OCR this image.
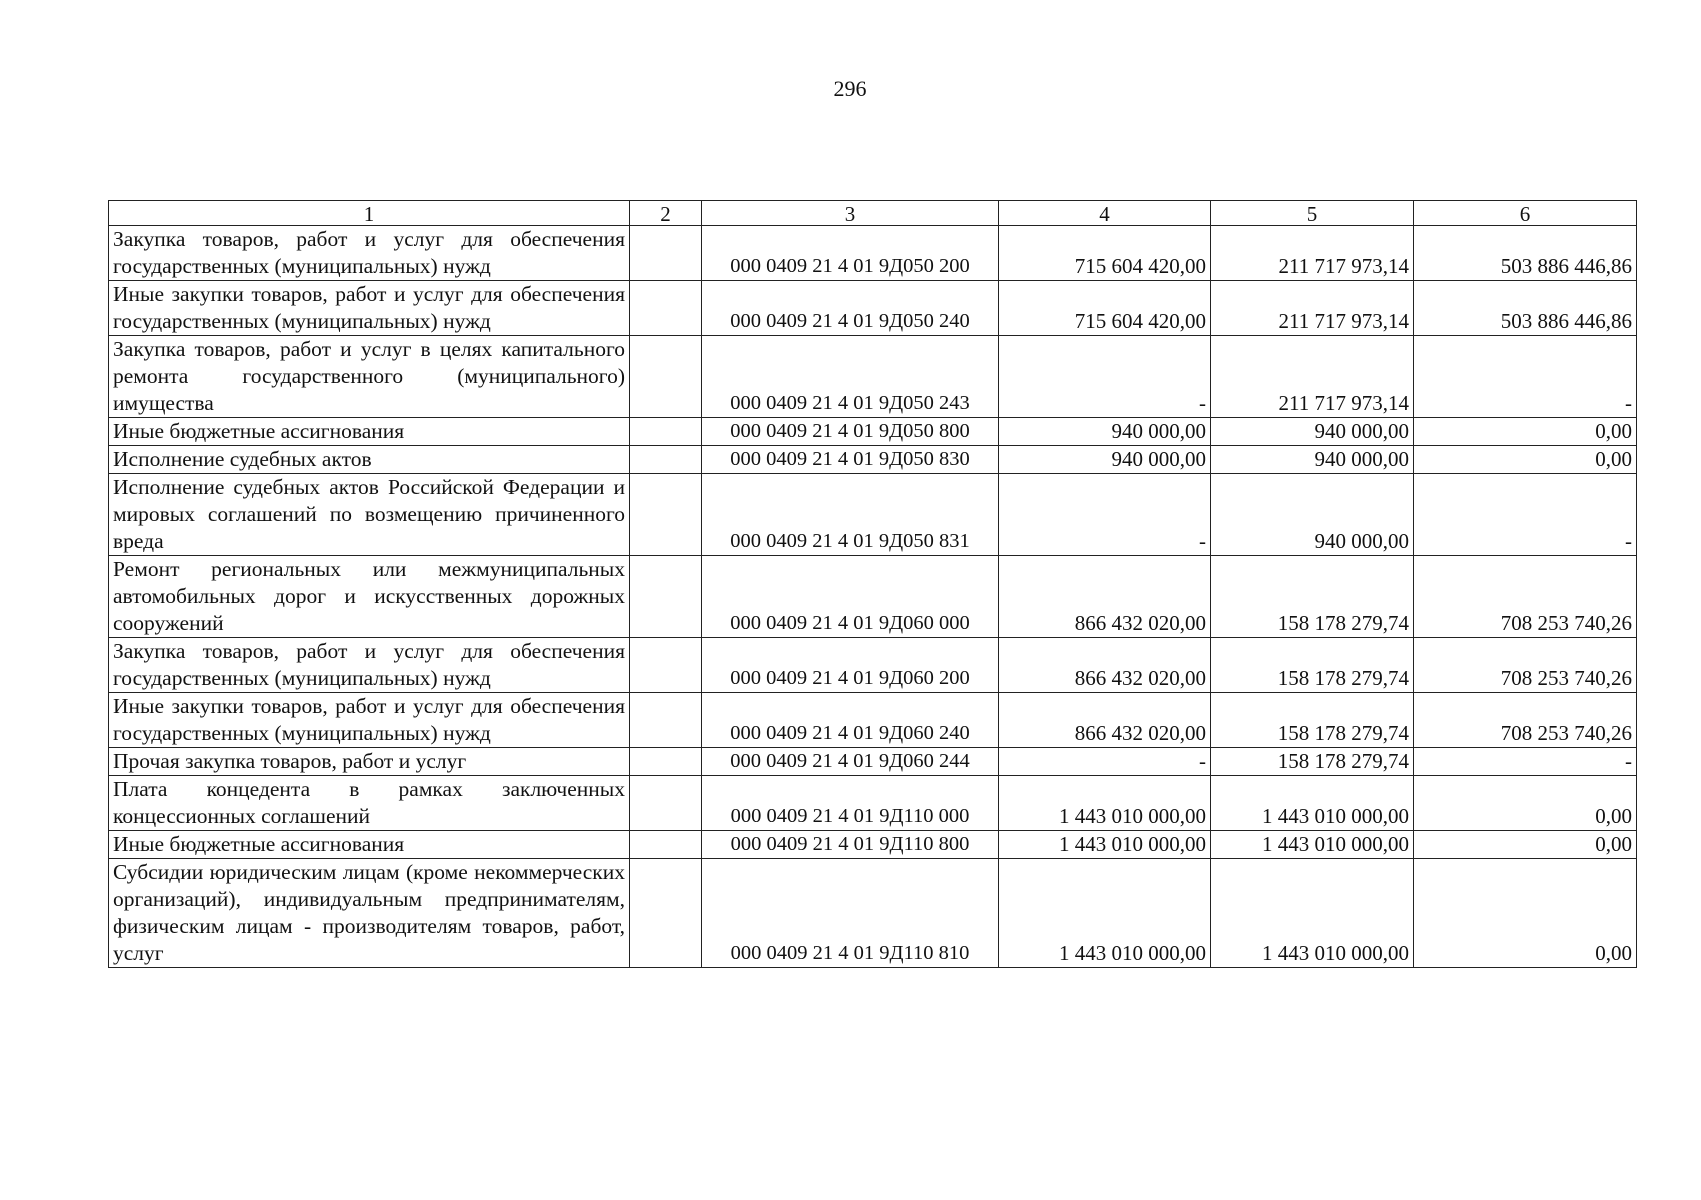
296
1	2	3	4	5	6
Закупка товаров, работ и услуг для обеспечения государственных (муниципальных) нужд		000 0409 21 4 01 9Д050 200	715 604 420,00	211 717 973,14	503 886 446,86
Иные закупки товаров, работ и услуг для обеспечения государственных (муниципальных) нужд		000 0409 21 4 01 9Д050 240	715 604 420,00	211 717 973,14	503 886 446,86
Закупка товаров, работ и услуг в целях капитального ремонта государственного (муниципального) имущества		000 0409 21 4 01 9Д050 243	-	211 717 973,14	-
Иные бюджетные ассигнования		000 0409 21 4 01 9Д050 800	940 000,00	940 000,00	0,00
Исполнение судебных актов		000 0409 21 4 01 9Д050 830	940 000,00	940 000,00	0,00
Исполнение судебных актов Российской Федерации и мировых соглашений по возмещению причиненного вреда		000 0409 21 4 01 9Д050 831	-	940 000,00	-
Ремонт региональных или межмуниципальных автомобильных дорог и искусственных дорожных сооружений		000 0409 21 4 01 9Д060 000	866 432 020,00	158 178 279,74	708 253 740,26
Закупка товаров, работ и услуг для обеспечения государственных (муниципальных) нужд		000 0409 21 4 01 9Д060 200	866 432 020,00	158 178 279,74	708 253 740,26
Иные закупки товаров, работ и услуг для обеспечения государственных (муниципальных) нужд		000 0409 21 4 01 9Д060 240	866 432 020,00	158 178 279,74	708 253 740,26
Прочая закупка товаров, работ и услуг		000 0409 21 4 01 9Д060 244	-	158 178 279,74	-
Плата концедента в рамках заключенных концессионных соглашений		000 0409 21 4 01 9Д110 000	1 443 010 000,00	1 443 010 000,00	0,00
Иные бюджетные ассигнования		000 0409 21 4 01 9Д110 800	1 443 010 000,00	1 443 010 000,00	0,00
Субсидии юридическим лицам (кроме некоммерческих организаций), индивидуальным предпринимателям, физическим лицам - производителям товаров, работ, услуг		000 0409 21 4 01 9Д110 810	1 443 010 000,00	1 443 010 000,00	0,00
